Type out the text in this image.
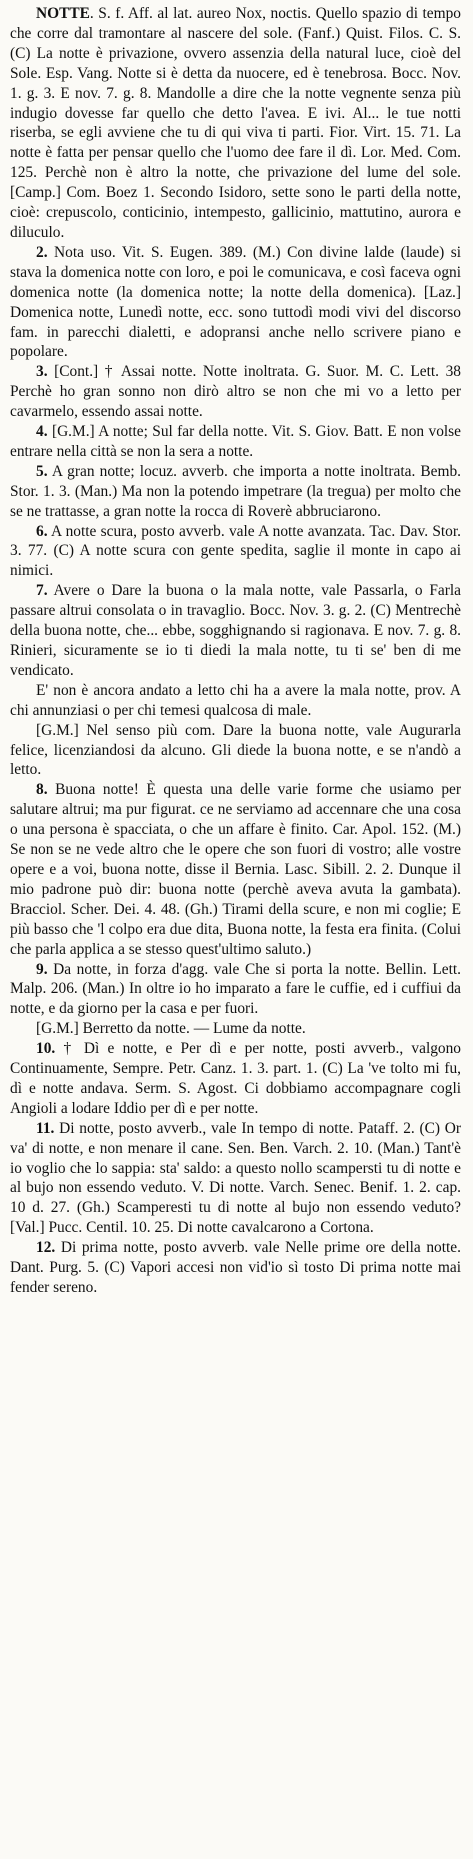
NOTTE. S. f. Aff. al lat. aureo Nox, noctis. Quello spazio di tempo che corre dal tramontare al nascere del sole. (Fanf.) Quist. Filos. C. S. (C) La notte è privazione, ovvero assenzia della natural luce, cioè del Sole. Esp. Vang. Notte si è detta da nuocere, ed è tenebrosa. Bocc. Nov. 1. g. 3. E nov. 7. g. 8. Mandolle a dire che la notte vegnente senza più indugio dovesse far quello che detto l'avea. E ivi. Al... le tue notti riserba, se egli avviene che tu di qui viva ti parti. Fior. Virt. 15. 71. La notte è fatta per pensar quello che l'uomo dee fare il dì. Lor. Med. Com. 125. Perchè non è altro la notte, che privazione del lume del sole. [Camp.] Com. Boez 1. Secondo Isidoro, sette sono le parti della notte, cioè: crepuscolo, conticinio, intempesto, gallicinio, mattutino, aurora e diluculo.

2. Nota uso. Vit. S. Eugen. 389. (M.) Con divine lalde (laude) si stava la domenica notte con loro, e poi le comunicava, e così faceva ogni domenica notte (la domenica notte; la notte della domenica). [Laz.] Domenica notte, Lunedì notte, ecc. sono tuttodì modi vivi del discorso fam. in parecchi dialetti, e adopransi anche nello scrivere piano e popolare.

3. [Cont.] † Assai notte. Notte inoltrata. G. Suor. M. C. Lett. 38 Perchè ho gran sonno non dirò altro se non che mi vo a letto per cavarmelo, essendo assai notte.

4. [G.M.] A notte; Sul far della notte. Vit. S. Giov. Batt. E non volse entrare nella città se non la sera a notte.

5. A gran notte; locuz. avverb. che importa a notte inoltrata. Bemb. Stor. 1. 3. (Man.) Ma non la potendo impetrare (la tregua) per molto che se ne trattasse, a gran notte la rocca di Roverè abbruciarono.

6. A notte scura, posto avverb. vale A notte avanzata. Tac. Dav. Stor. 3. 77. (C) A notte scura con gente spedita, saglie il monte in capo ai nimici.

7. Avere o Dare la buona o la mala notte, vale Passarla, o Farla passare altrui consolata o in travaglio. Bocc. Nov. 3. g. 2. (C) Mentrechè della buona notte, che... ebbe, sogghignando si ragionava. E nov. 7. g. 8. Rinieri, sicuramente se io ti diedi la mala notte, tu ti se' ben di me vendicato.

E' non è ancora andato a letto chi ha a avere la mala notte, prov. A chi annunziasi o per chi temesi qualcosa di male.

[G.M.] Nel senso più com. Dare la buona notte, vale Augurarla felice, licenziandosi da alcuno. Gli diede la buona notte, e se n'andò a letto.

8. Buona notte! È questa una delle varie forme che usiamo per salutare altrui; ma pur figurat. ce ne serviamo ad accennare che una cosa o una persona è spacciata, o che un affare è finito. Car. Apol. 152. (M.) Se non se ne vede altro che le opere che son fuori di vostro; alle vostre opere e a voi, buona notte, disse il Bernia. Lasc. Sibill. 2. 2. Dunque il mio padrone può dir: buona notte (perchè aveva avuta la gambata). Bracciol. Scher. Dei. 4. 48. (Gh.) Tirami della scure, e non mi coglie; E più basso che 'l colpo era due dita, Buona notte, la festa era finita. (Colui che parla applica a se stesso quest'ultimo saluto.)

9. Da notte, in forza d'agg. vale Che si porta la notte. Bellin. Lett. Malp. 206. (Man.) In oltre io ho imparato a fare le cuffie, ed i cuffiui da notte, e da giorno per la casa e per fuori.

[G.M.] Berretto da notte. — Lume da notte.

10. † Dì e notte, e Per dì e per notte, posti avverb., valgono Continuamente, Sempre. Petr. Canz. 1. 3. part. 1. (C) La 've tolto mi fu, dì e notte andava. Serm. S. Agost. Ci dobbiamo accompagnare cogli Angioli a lodare Iddio per dì e per notte.

11. Di notte, posto avverb., vale In tempo di notte. Pataff. 2. (C) Or va' di notte, e non menare il cane. Sen. Ben. Varch. 2. 10. (Man.) Tant'è io voglio che lo sappia: sta' saldo: a questo nollo scampersti tu di notte e al bujo non essendo veduto. V. Di notte. Varch. Senec. Benif. 1. 2. cap. 10 d. 27. (Gh.) Scamperesti tu di notte al bujo non essendo veduto? [Val.] Pucc. Centil. 10. 25. Di notte cavalcarono a Cortona.

12. Di prima notte, posto avverb. vale Nelle prime ore della notte. Dant. Purg. 5. (C) Vapori accesi non vid'io sì tosto Di prima notte mai fender sereno.
